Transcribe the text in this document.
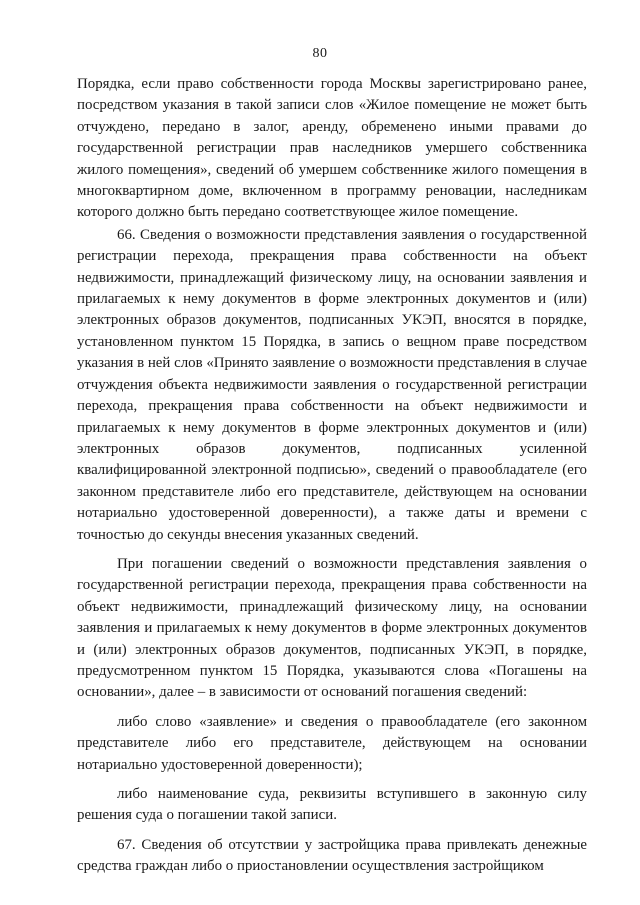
80

Порядка, если право собственности города Москвы зарегистрировано ранее, посредством указания в такой записи слов «Жилое помещение не может быть отчуждено, передано в залог, аренду, обременено иными правами до государственной регистрации прав наследников умершего собственника жилого помещения», сведений об умершем собственнике жилого помещения в многоквартирном доме, включенном в программу реновации, наследникам которого должно быть передано соответствующее жилое помещение.

66. Сведения о возможности представления заявления о государственной регистрации перехода, прекращения права собственности на объект недвижимости, принадлежащий физическому лицу, на основании заявления и прилагаемых к нему документов в форме электронных документов и (или) электронных образов документов, подписанных УКЭП, вносятся в порядке, установленном пунктом 15 Порядка, в запись о вещном праве посредством указания в ней слов «Принято заявление о возможности представления в случае отчуждения объекта недвижимости заявления о государственной регистрации перехода, прекращения права собственности на объект недвижимости и прилагаемых к нему документов в форме электронных документов и (или) электронных образов документов, подписанных усиленной квалифицированной электронной подписью», сведений о правообладателе (его законном представителе либо его представителе, действующем на основании нотариально удостоверенной доверенности), а также даты и времени с точностью до секунды внесения указанных сведений.

При погашении сведений о возможности представления заявления о государственной регистрации перехода, прекращения права собственности на объект недвижимости, принадлежащий физическому лицу, на основании заявления и прилагаемых к нему документов в форме электронных документов и (или) электронных образов документов, подписанных УКЭП, в порядке, предусмотренном пунктом 15 Порядка, указываются слова «Погашены на основании», далее – в зависимости от оснований погашения сведений:

либо слово «заявление» и сведения о правообладателе (его законном представителе либо его представителе, действующем на основании нотариально удостоверенной доверенности);

либо наименование суда, реквизиты вступившего в законную силу решения суда о погашении такой записи.

67. Сведения об отсутствии у застройщика права привлекать денежные средства граждан либо о приостановлении осуществления застройщиком
